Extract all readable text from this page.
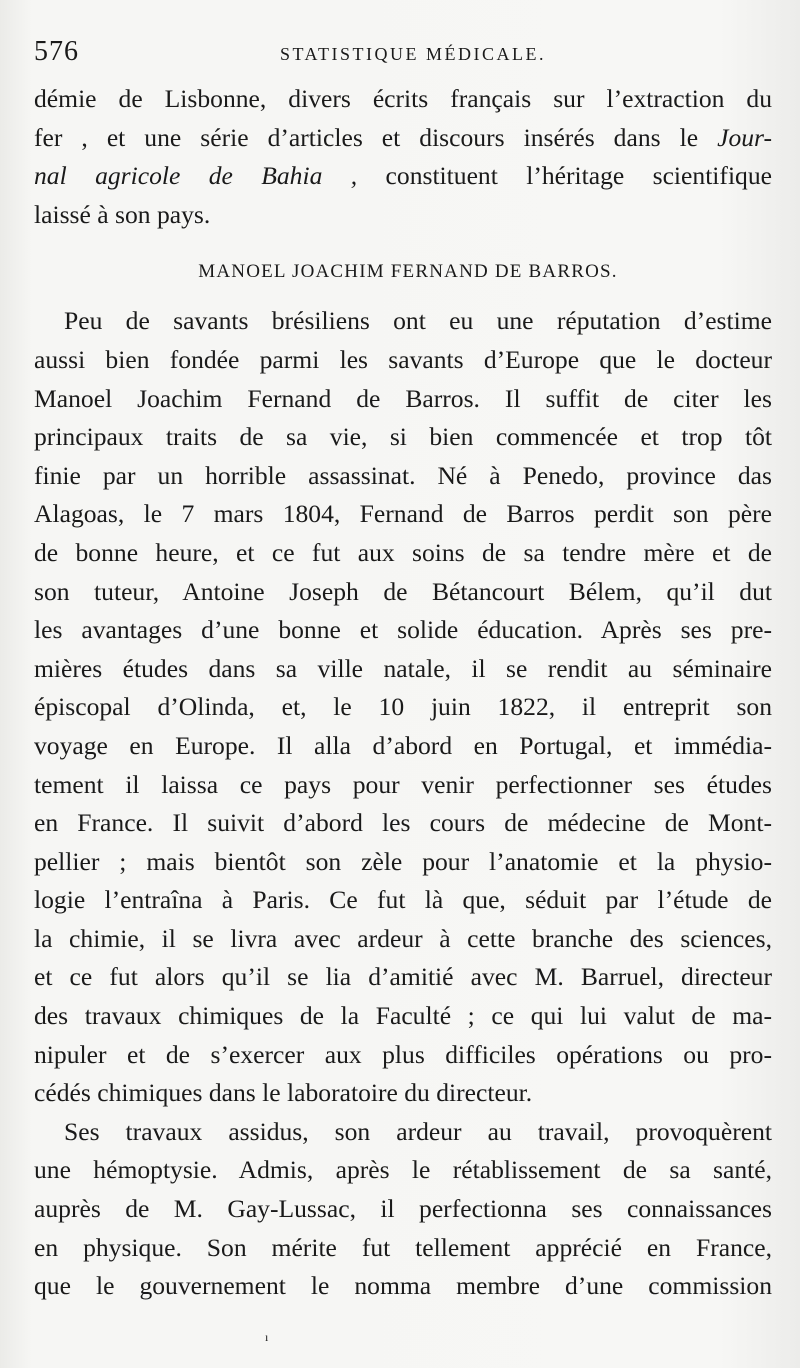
576	STATISTIQUE MÉDICALE.

démie de Lisbonne, divers écrits français sur l’extraction du
fer , et une série d’articles et discours insérés dans le Jour-
nal agricole de Bahia , constituent l’héritage scientifique
laissé à son pays.

MANOEL JOACHIM FERNAND DE BARROS.

Peu de savants brésiliens ont eu une réputation d’estime
aussi bien fondée parmi les savants d’Europe que le docteur
Manoel Joachim Fernand de Barros. Il suffit de citer les
principaux traits de sa vie, si bien commencée et trop tôt
finie par un horrible assassinat. Né à Penedo, province das
Alagoas, le 7 mars 1804, Fernand de Barros perdit son père
de bonne heure, et ce fut aux soins de sa tendre mère et de
son tuteur, Antoine Joseph de Bétancourt Bélem, qu’il dut
les avantages d’une bonne et solide éducation. Après ses pre-
mières études dans sa ville natale, il se rendit au séminaire
épiscopal d’Olinda, et, le 10 juin 1822, il entreprit son
voyage en Europe. Il alla d’abord en Portugal, et immédia-
tement il laissa ce pays pour venir perfectionner ses études
en France. Il suivit d’abord les cours de médecine de Mont-
pellier ; mais bientôt son zèle pour l’anatomie et la physio-
logie l’entraîna à Paris. Ce fut là que, séduit par l’étude de
la chimie, il se livra avec ardeur à cette branche des sciences,
et ce fut alors qu’il se lia d’amitié avec M. Barruel, directeur
des travaux chimiques de la Faculté ; ce qui lui valut de ma-
nipuler et de s’exercer aux plus difficiles opérations ou pro-
cédés chimiques dans le laboratoire du directeur.

Ses travaux assidus, son ardeur au travail, provoquèrent
une hémoptysie. Admis, après le rétablissement de sa santé,
auprès de M. Gay-Lussac, il perfectionna ses connaissances
en physique. Son mérite fut tellement apprécié en France,
que le gouvernement le nomma membre d’une commission

ı
